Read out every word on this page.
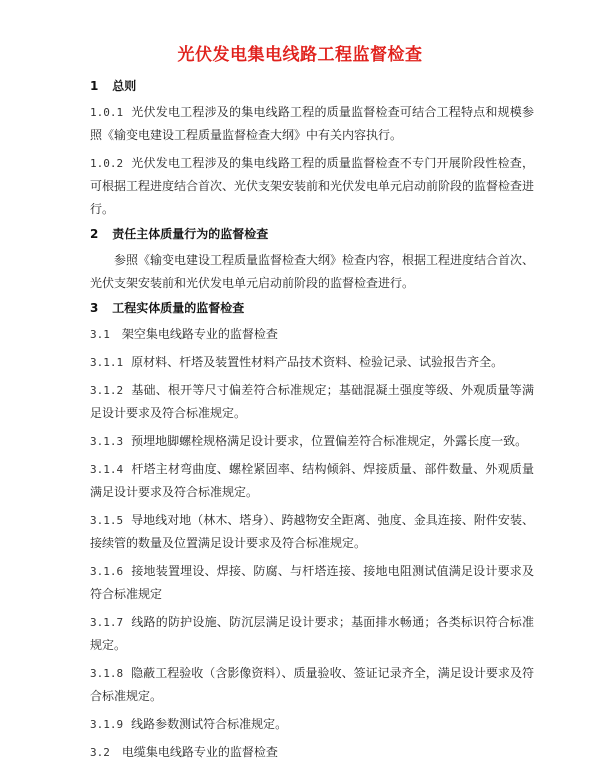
光伏发电集电线路工程监督检查
1 总则

1.0.1 光伏发电工程涉及的集电线路工程的质量监督检查可结合工程特点和规模参照《输变电建设工程质量监督检查大纲》中有关内容执行。

1.0.2 光伏发电工程涉及的集电线路工程的质量监督检查不专门开展阶段性检查，可根据工程进度结合首次、光伏支架安装前和光伏发电单元启动前阶段的监督检查进行。

2 责任主体质量行为的监督检查

参照《输变电建设工程质量监督检查大纲》检查内容，根据工程进度结合首次、光伏支架安装前和光伏发电单元启动前阶段的监督检查进行。

3 工程实体质量的监督检查
3.1 架空集电线路专业的监督检查

3.1.1 原材料、杆塔及装置性材料产品技术资料、检验记录、试验报告齐全。

3.1.2 基础、根开等尺寸偏差符合标准规定；基础混凝土强度等级、外观质量等满足设计要求及符合标准规定。

3.1.3 预埋地脚螺栓规格满足设计要求，位置偏差符合标准规定，外露长度一致。

3.1.4 杆塔主材弯曲度、螺栓紧固率、结构倾斜、焊接质量、部件数量、外观质量满足设计要求及符合标准规定。

3.1.5 导地线对地（林木、塔身）、跨越物安全距离、弛度、金具连接、附件安装、接续管的数量及位置满足设计要求及符合标准规定。

3.1.6 接地装置埋设、焊接、防腐、与杆塔连接、接地电阻测试值满足设计要求及符合标准规定

3.1.7 线路的防护设施、防沉层满足设计要求；基面排水畅通；各类标识符合标准规定。

3.1.8 隐蔽工程验收（含影像资料）、质量验收、签证记录齐全，满足设计要求及符合标准规定。

3.1.9 线路参数测试符合标准规定。

3.2 电缆集电线路专业的监督检查
